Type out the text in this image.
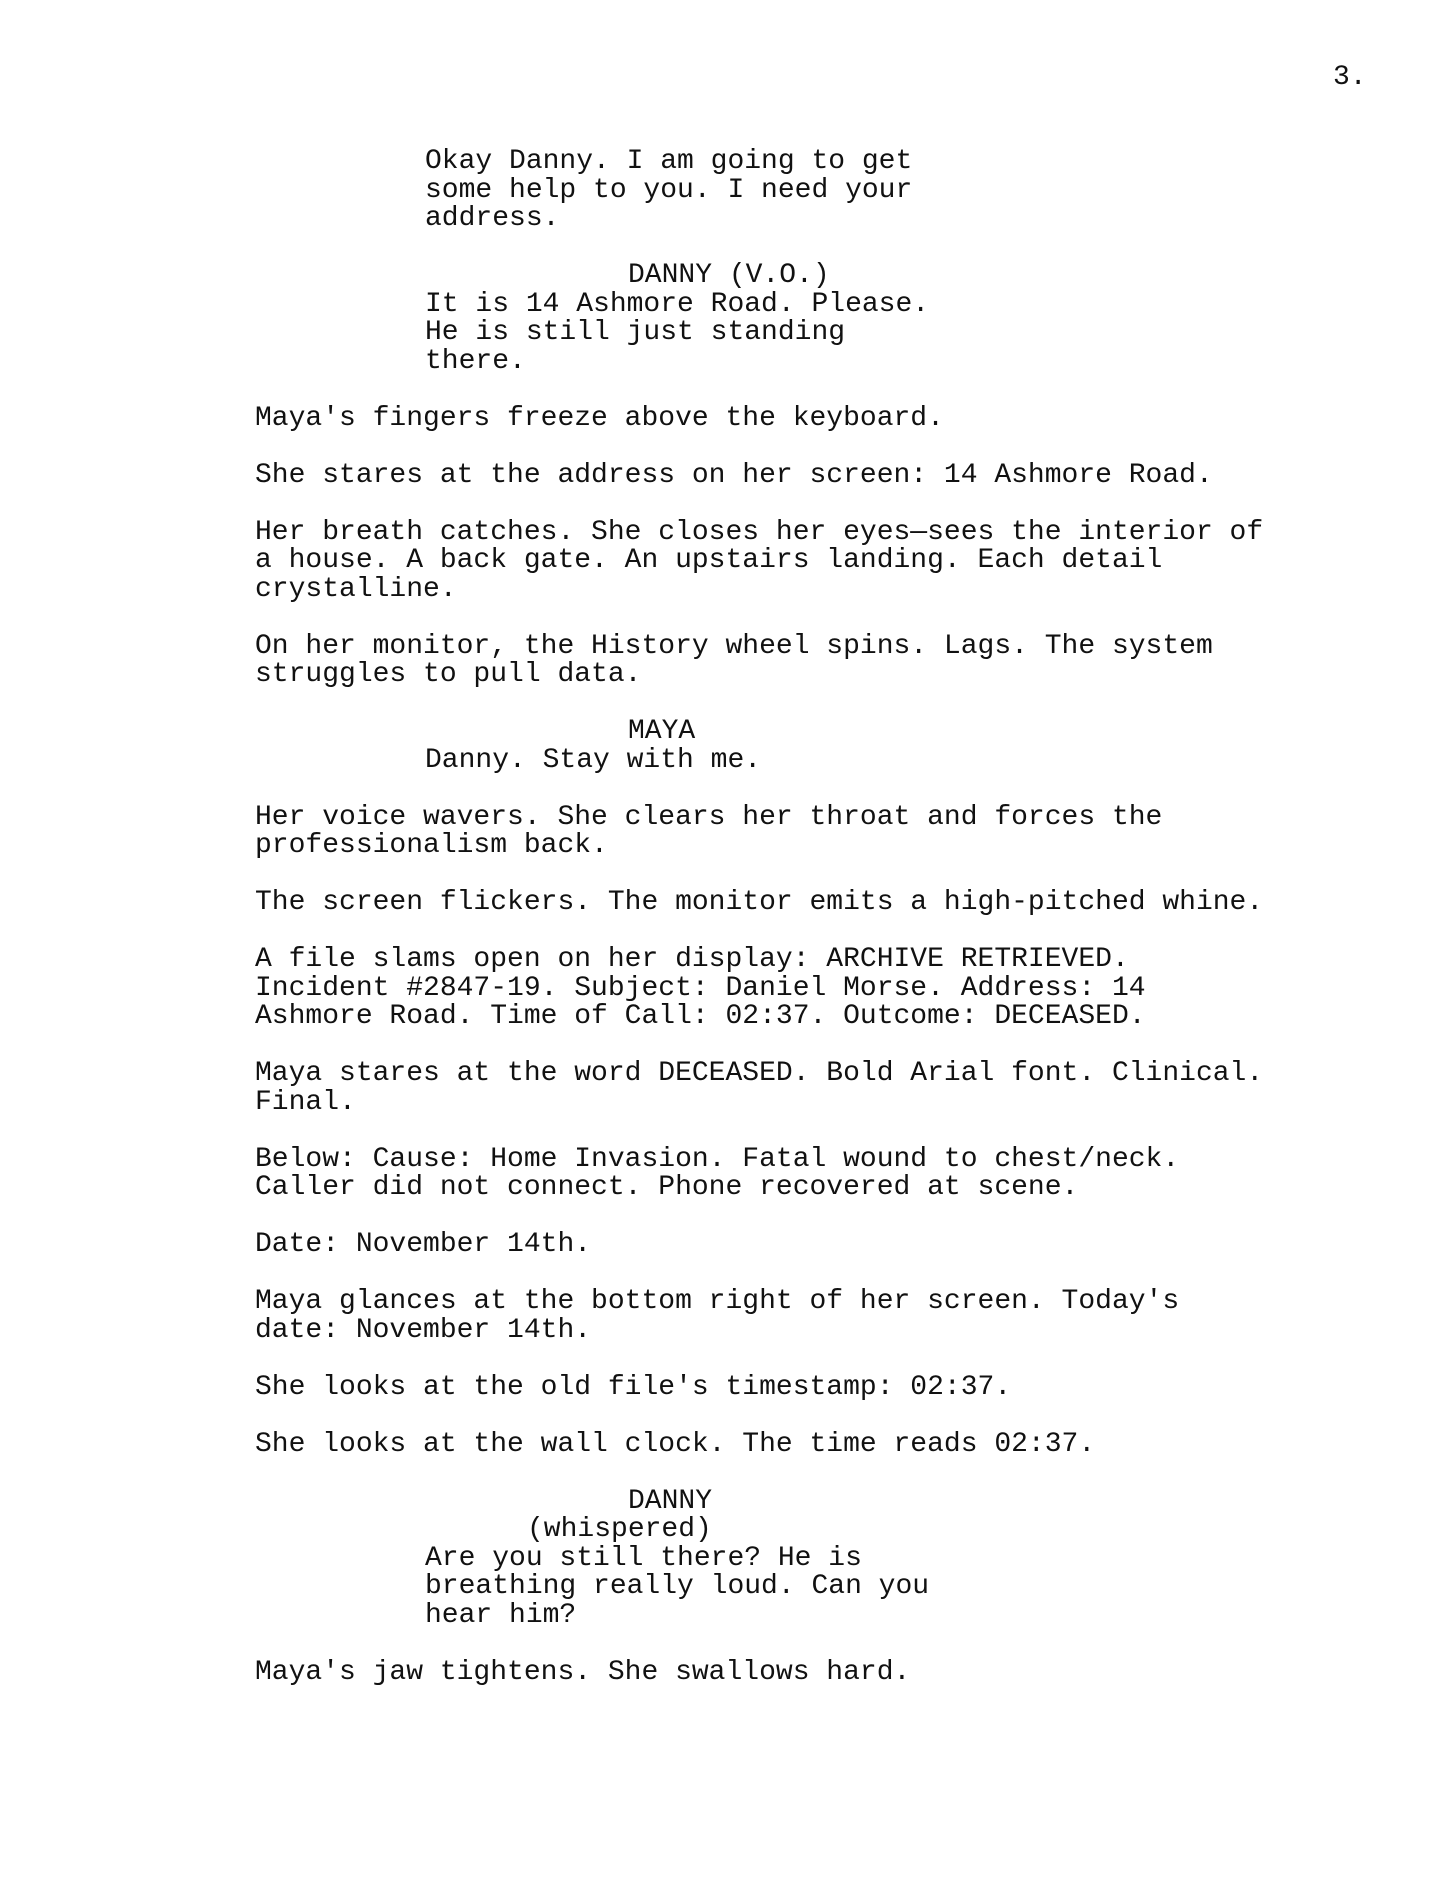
3.

Okay Danny. I am going to get
some help to you. I need your
address.

DANNY (V.O.)

It is 14 Ashmore Road. Please.
He is still just standing
there.

Maya's fingers freeze above the keyboard.

She stares at the address on her screen: 14 Ashmore Road.

Her breath catches. She closes her eyes—sees the interior of
a house. A back gate. An upstairs landing. Each detail
crystalline.

On her monitor, the History wheel spins. Lags. The system
struggles to pull data.

MAYA

Danny. Stay with me.

Her voice wavers. She clears her throat and forces the
professionalism back.

The screen flickers. The monitor emits a high-pitched whine.

A file slams open on her display: ARCHIVE RETRIEVED.
Incident #2847-19. Subject: Daniel Morse. Address: 14
Ashmore Road. Time of Call: 02:37. Outcome: DECEASED.

Maya stares at the word DECEASED. Bold Arial font. Clinical.
Final.

Below: Cause: Home Invasion. Fatal wound to chest/neck.
Caller did not connect. Phone recovered at scene.

Date: November 14th.

Maya glances at the bottom right of her screen. Today's
date: November 14th.

She looks at the old file's timestamp: 02:37.

She looks at the wall clock. The time reads 02:37.

DANNY

(whispered)

Are you still there? He is
breathing really loud. Can you
hear him?

Maya's jaw tightens. She swallows hard.
